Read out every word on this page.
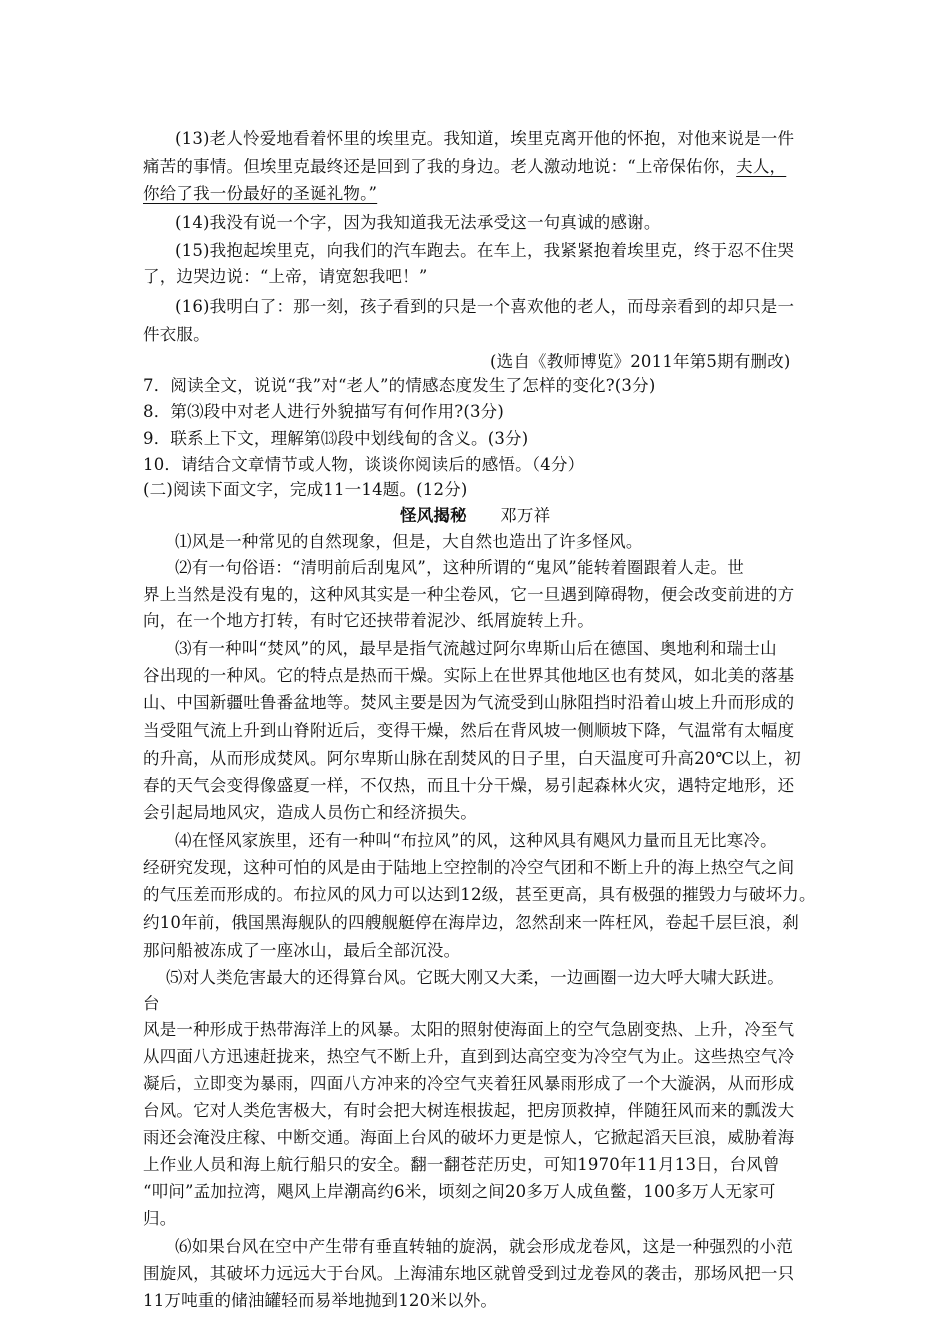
(13)老人怜爱地看着怀里的埃里克。我知道，埃里克离开他的怀抱，对他来说是一件
痛苦的事情。但埃里克最终还是回到了我的身边。老人激动地说：“上帝保佑你，夫人，
你给了我一份最好的圣诞礼物。”
(14)我没有说一个字，因为我知道我无法承受这一句真诚的感谢。
(15)我抱起埃里克，向我们的汽车跑去。在车上，我紧紧抱着埃里克，终于忍不住哭
了，边哭边说：“上帝，请宽恕我吧！”
(16)我明白了：那一刻，孩子看到的只是一个喜欢他的老人，而母亲看到的却只是一
件衣服。
(选自《教师博览》2011年第5期有删改)
7．阅读全文，说说“我”对“老人”的情感态度发生了怎样的变化?(3分)
8．第⑶段中对老人进行外貌描写有何作用?(3分)
9．联系上下文，理解第⒀段中划线甸的含义。(3分)
10．请结合文章情节或人物，谈谈你阅读后的感悟。（4分）
(二)阅读下面文字，完成11一14题。(12分)
怪风揭秘　　 邓万祥
⑴风是一种常见的自然现象，但是，大自然也造出了许多怪风。
⑵有一句俗语：“清明前后刮鬼风”，这种所谓的“鬼风”能转着圈跟着人走。世
界上当然是没有鬼的，这种风其实是一种尘卷风，它一旦遇到障碍物，便会改变前进的方
向，在一个地方打转，有时它还挟带着泥沙、纸屑旋转上升。
⑶有一种叫“焚风”的风，最早是指气流越过阿尔卑斯山后在德国、奥地利和瑞士山
谷出现的一种风。它的特点是热而干燥。实际上在世界其他地区也有焚风，如北美的落基
山、中国新疆吐鲁番盆地等。焚风主要是因为气流受到山脉阻挡时沿着山坡上升而形成的
当受阻气流上升到山脊附近后，变得干燥，然后在背风坡一侧顺坡下降，气温常有太幅度
的升高，从而形成焚风。阿尔卑斯山脉在刮焚风的日子里，白天温度可升高20℃以上，初
春的天气会变得像盛夏一样，不仅热，而且十分干燥，易引起森林火灾，遇特定地形，还
会引起局地风灾，造成人员伤亡和经济损失。
⑷在怪风家族里，还有一种叫“布拉风”的风，这种风具有飓风力量而且无比寒冷。
经研究发现，这种可怕的风是由于陆地上空控制的冷空气团和不断上升的海上热空气之间
的气压差而形成的。布拉风的风力可以达到12级，甚至更高，具有极强的摧毁力与破坏力。
约10年前，俄国黑海舰队的四艘舰艇停在海岸边，忽然刮来一阵枉风，卷起千层巨浪，刹
那问船被冻成了一座冰山，最后全部沉没。
⑸对人类危害最大的还得算台风。它既大刚又大柔，一边画圈一边大呼大啸大跃进。
台
风是一种形成于热带海洋上的风暴。太阳的照射使海面上的空气急剧变热、上升，冷至气
从四面八方迅速赶拢来，热空气不断上升，直到到达高空变为冷空气为止。这些热空气冷
凝后，立即变为暴雨，四面八方冲来的冷空气夹着狂风暴雨形成了一个大漩涡，从而形成
台风。它对人类危害极大，有时会把大树连根拔起，把房顶救掉，伴随狂风而来的瓢泼大
雨还会淹没庄稼、中断交通。海面上台风的破坏力更是惊人，它掀起滔天巨浪，威胁着海
上作业人员和海上航行船只的安全。翻一翻苍茫历史，可知1970年11月13日，台风曾
“叩问”孟加拉湾，飓风上岸潮高约6米，顷刻之间20多万人成鱼鳖，100多万人无家可
归。
⑹如果台风在空中产生带有垂直转轴的旋涡，就会形成龙卷风，这是一种强烈的小范
围旋风，其破坏力远远大于台风。上海浦东地区就曾受到过龙卷风的袭击，那场风把一只
11万吨重的储油罐轻而易举地抛到120米以外。
